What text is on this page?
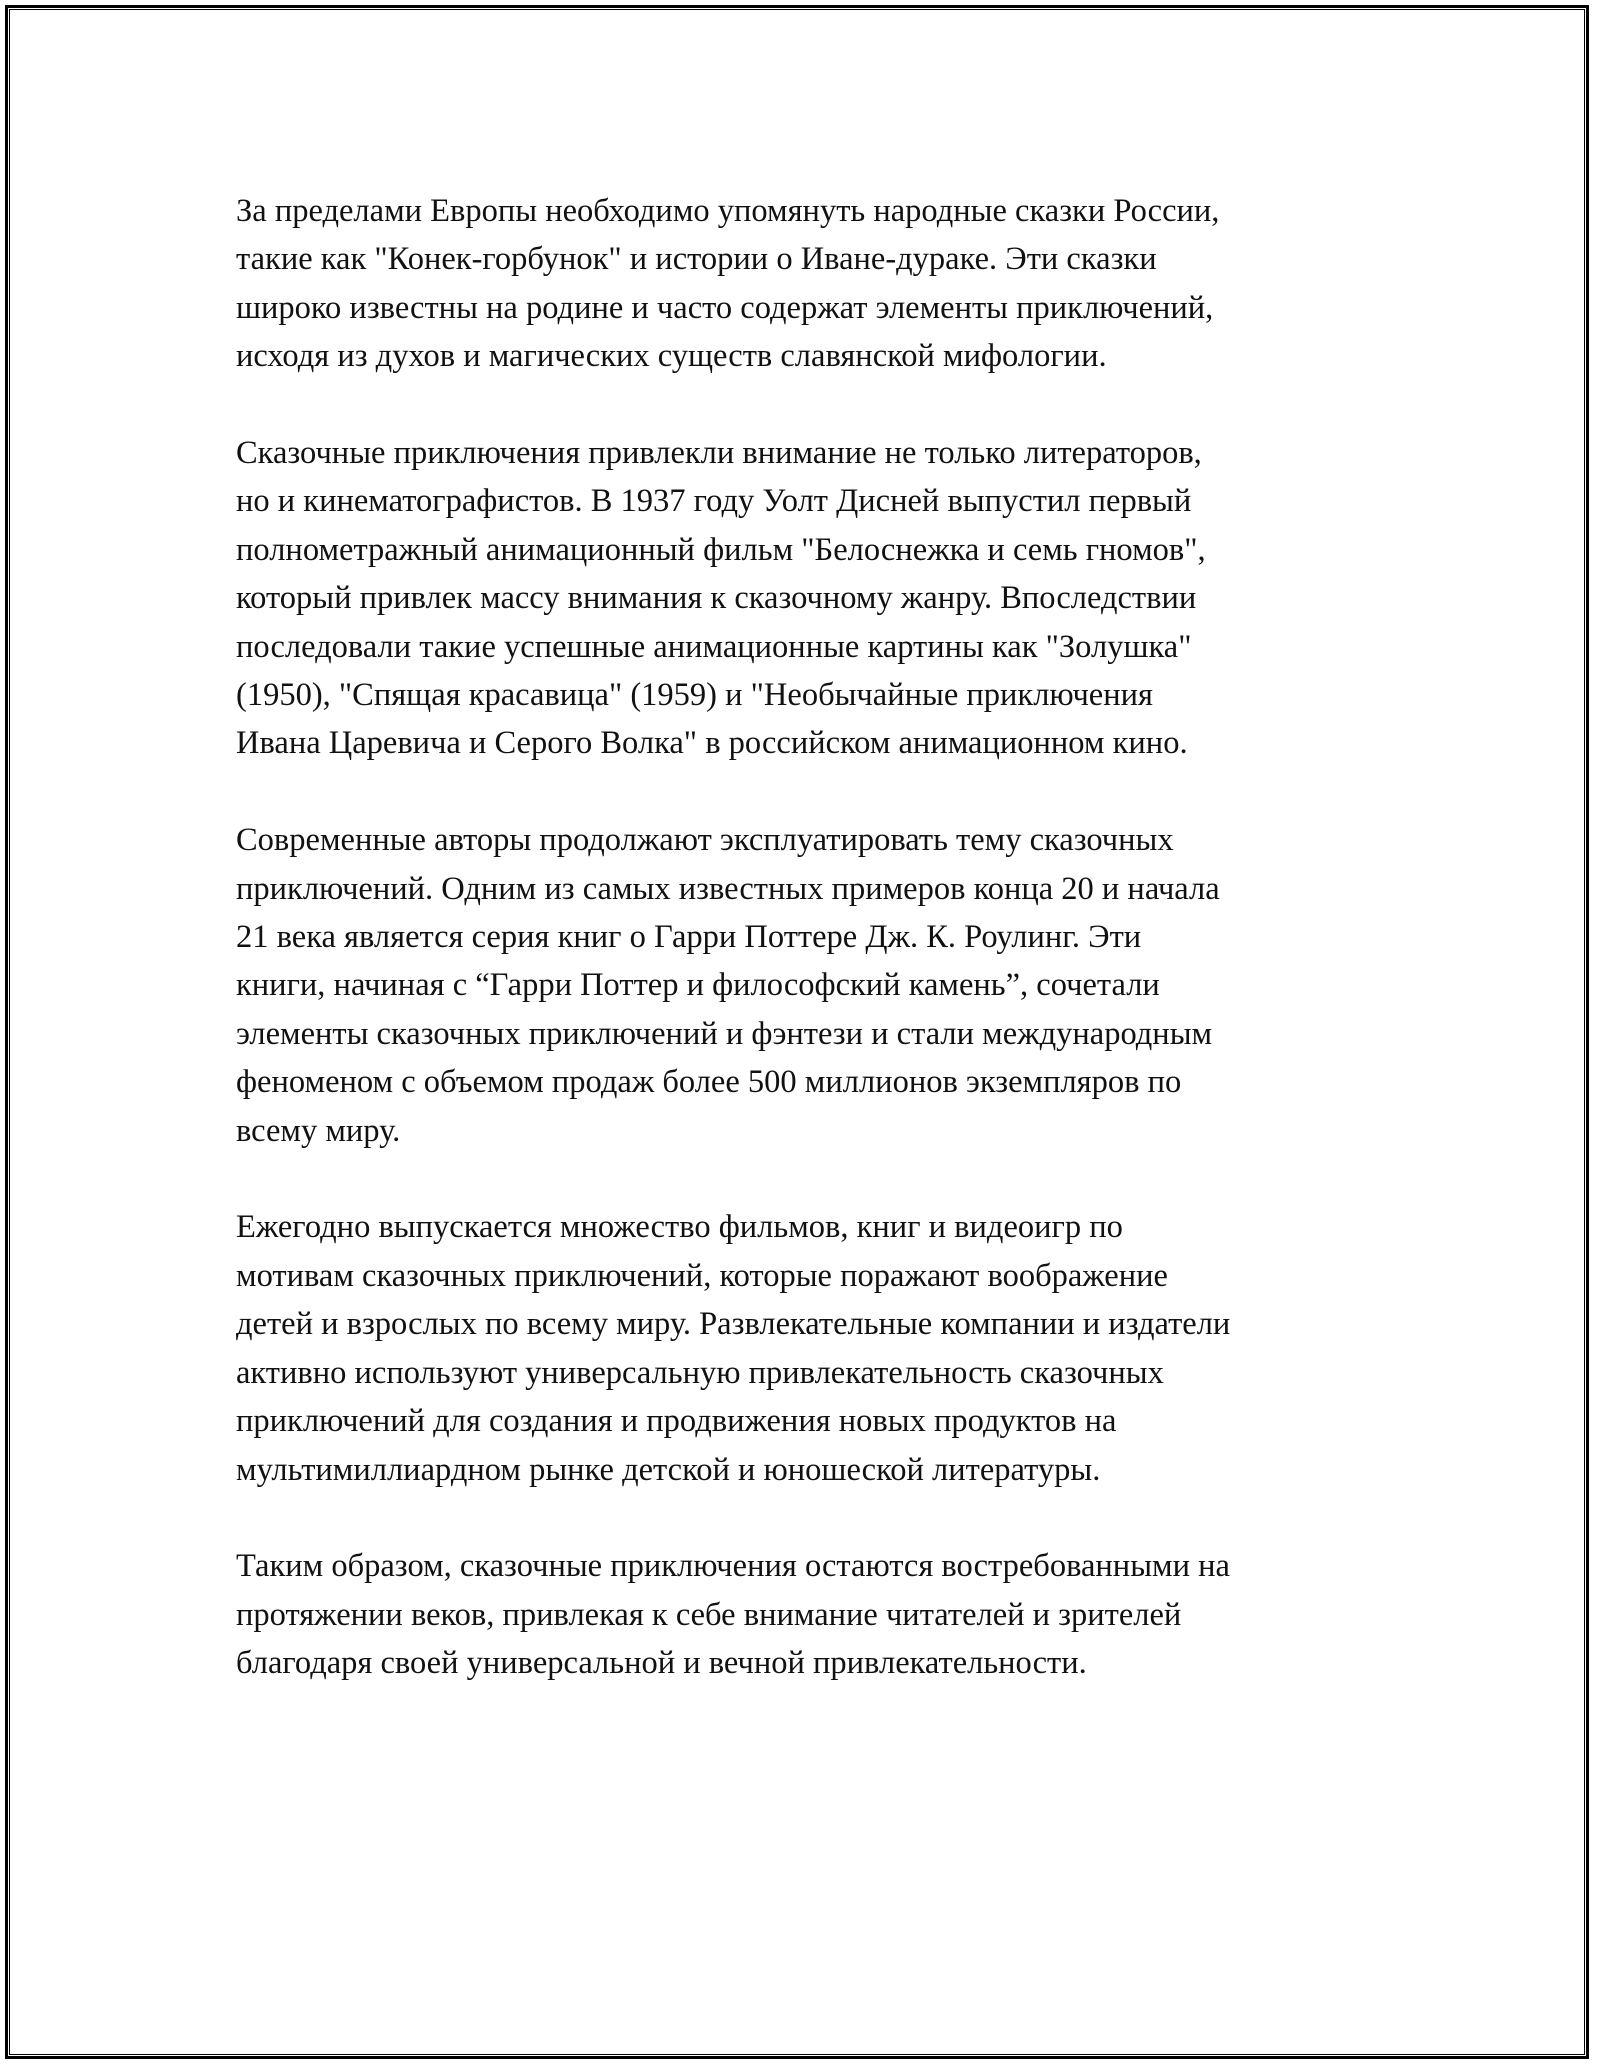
За пределами Европы необходимо упомянуть народные сказки России,
такие как "Конек-горбунок" и истории о Иване-дураке. Эти сказки
широко известны на родине и часто содержат элементы приключений,
исходя из духов и магических существ славянской мифологии.

Сказочные приключения привлекли внимание не только литераторов,
но и кинематографистов. В 1937 году Уолт Дисней выпустил первый
полнометражный анимационный фильм "Белоснежка и семь гномов",
который привлек массу внимания к сказочному жанру. Впоследствии
последовали такие успешные анимационные картины как "Золушка"
(1950), "Спящая красавица" (1959) и "Необычайные приключения
Ивана Царевича и Серого Волка" в российском анимационном кино.

Современные авторы продолжают эксплуатировать тему сказочных
приключений. Одним из самых известных примеров конца 20 и начала
21 века является серия книг о Гарри Поттере Дж. К. Роулинг. Эти
книги, начиная с “Гарри Поттер и философский камень”, сочетали
элементы сказочных приключений и фэнтези и стали международным
феноменом с объемом продаж более 500 миллионов экземпляров по
всему миру.

Ежегодно выпускается множество фильмов, книг и видеоигр по
мотивам сказочных приключений, которые поражают воображение
детей и взрослых по всему миру. Развлекательные компании и издатели
активно используют универсальную привлекательность сказочных
приключений для создания и продвижения новых продуктов на
мультимиллиардном рынке детской и юношеской литературы.

Таким образом, сказочные приключения остаются востребованными на
протяжении веков, привлекая к себе внимание читателей и зрителей
благодаря своей универсальной и вечной привлекательности.
